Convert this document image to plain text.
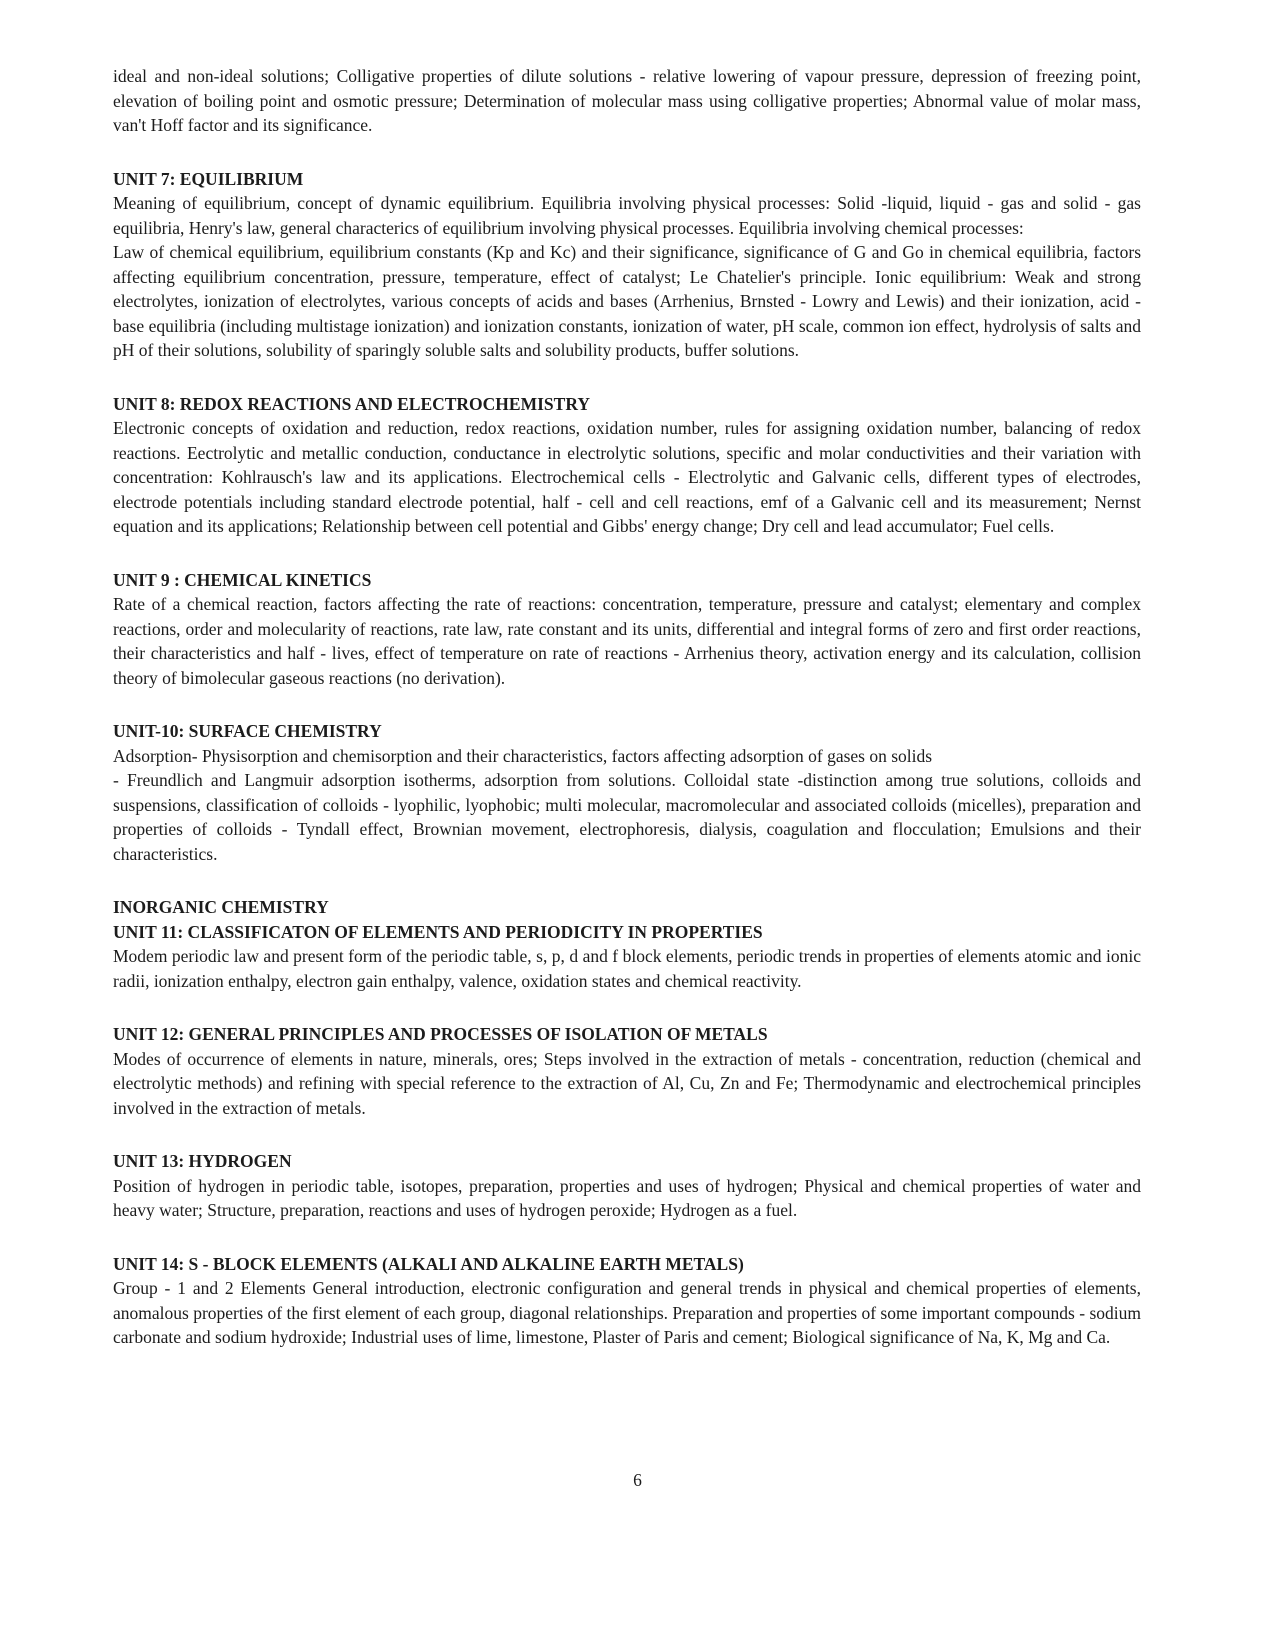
ideal and non-ideal solutions; Colligative properties of dilute solutions - relative lowering of vapour pressure, depression of freezing point, elevation of boiling point and osmotic pressure; Determination of molecular mass using colligative properties; Abnormal value of molar mass, van't Hoff factor and its significance.

UNIT 7: EQUILIBRIUM

Meaning of equilibrium, concept of dynamic equilibrium. Equilibria involving physical processes: Solid -liquid, liquid - gas and solid - gas equilibria, Henry's law, general characterics of equilibrium involving physical processes. Equilibria involving chemical processes:

Law of chemical equilibrium, equilibrium constants (Kp and Kc) and their significance, significance of G and Go in chemical equilibria, factors affecting equilibrium concentration, pressure, temperature, effect of catalyst; Le Chatelier's principle. Ionic equilibrium: Weak and strong electrolytes, ionization of electrolytes, various concepts of acids and bases (Arrhenius, Brnsted - Lowry and Lewis) and their ionization, acid - base equilibria (including multistage ionization) and ionization constants, ionization of water, pH scale, common ion effect, hydrolysis of salts and pH of their solutions, solubility of sparingly soluble salts and solubility products, buffer solutions.

UNIT 8: REDOX REACTIONS AND ELECTROCHEMISTRY

Electronic concepts of oxidation and reduction, redox reactions, oxidation number, rules for assigning oxidation number, balancing of redox reactions. Eectrolytic and metallic conduction, conductance in electrolytic solutions, specific and molar conductivities and their variation with concentration: Kohlrausch's law and its applications. Electrochemical cells - Electrolytic and Galvanic cells, different types of electrodes, electrode potentials including standard electrode potential, half - cell and cell reactions, emf of a Galvanic cell and its measurement; Nernst equation and its applications; Relationship between cell potential and Gibbs' energy change; Dry cell and lead accumulator; Fuel cells.

UNIT 9 : CHEMICAL KINETICS

Rate of a chemical reaction, factors affecting the rate of reactions: concentration, temperature, pressure and catalyst; elementary and complex reactions, order and molecularity of reactions, rate law, rate constant and its units, differential and integral forms of zero and first order reactions, their characteristics and half - lives, effect of temperature on rate of reactions - Arrhenius theory, activation energy and its calculation, collision theory of bimolecular gaseous reactions (no derivation).

UNIT-10: SURFACE CHEMISTRY

Adsorption- Physisorption and chemisorption and their characteristics, factors affecting adsorption of gases on solids

- Freundlich and Langmuir adsorption isotherms, adsorption from solutions. Colloidal state -distinction among true solutions, colloids and suspensions, classification of colloids - lyophilic, lyophobic; multi molecular, macromolecular and associated colloids (micelles), preparation and properties of colloids - Tyndall effect, Brownian movement, electrophoresis, dialysis, coagulation and flocculation; Emulsions and their characteristics.

INORGANIC CHEMISTRY
UNIT 11: CLASSIFICATON OF ELEMENTS AND PERIODICITY IN PROPERTIES

Modem periodic law and present form of the periodic table, s, p, d and f block elements, periodic trends in properties of elements atomic and ionic radii, ionization enthalpy, electron gain enthalpy, valence, oxidation states and chemical reactivity.

UNIT 12: GENERAL PRINCIPLES AND PROCESSES OF ISOLATION OF METALS

Modes of occurrence of elements in nature, minerals, ores; Steps involved in the extraction of metals - concentration, reduction (chemical and electrolytic methods) and refining with special reference to the extraction of Al, Cu, Zn and Fe; Thermodynamic and electrochemical principles involved in the extraction of metals.

UNIT 13: HYDROGEN

Position of hydrogen in periodic table, isotopes, preparation, properties and uses of hydrogen; Physical and chemical properties of water and heavy water; Structure, preparation, reactions and uses of hydrogen peroxide; Hydrogen as a fuel.

UNIT 14: S - BLOCK ELEMENTS (ALKALI AND ALKALINE EARTH METALS)

Group - 1 and 2 Elements General introduction, electronic configuration and general trends in physical and chemical properties of elements, anomalous properties of the first element of each group, diagonal relationships. Preparation and properties of some important compounds - sodium carbonate and sodium hydroxide; Industrial uses of lime, limestone, Plaster of Paris and cement; Biological significance of Na, K, Mg and Ca.

6
